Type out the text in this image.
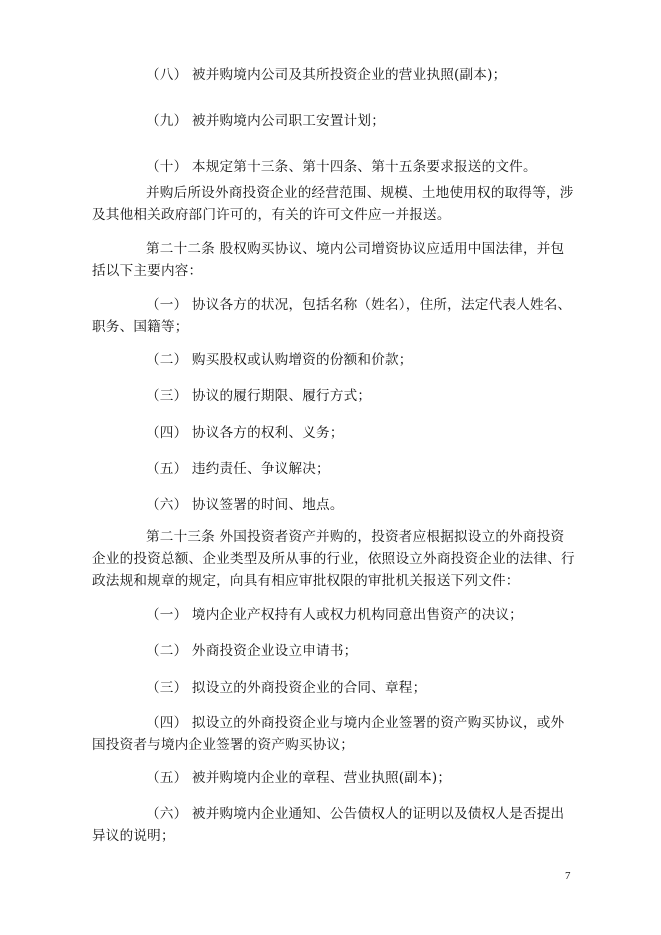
（八） 被并购境内公司及其所投资企业的营业执照(副本)；

（九） 被并购境内公司职工安置计划；

（十） 本规定第十三条、第十四条、第十五条要求报送的文件。

并购后所设外商投资企业的经营范围、规模、土地使用权的取得等，涉及其他相关政府部门许可的，有关的许可文件应一并报送。

第二十二条 股权购买协议、境内公司增资协议应适用中国法律，并包括以下主要内容：

（一） 协议各方的状况，包括名称（姓名），住所，法定代表人姓名、职务、国籍等；

（二） 购买股权或认购增资的份额和价款；

（三） 协议的履行期限、履行方式；

（四） 协议各方的权利、义务；

（五） 违约责任、争议解决；

（六） 协议签署的时间、地点。

第二十三条 外国投资者资产并购的，投资者应根据拟设立的外商投资企业的投资总额、企业类型及所从事的行业，依照设立外商投资企业的法律、行政法规和规章的规定，向具有相应审批权限的审批机关报送下列文件：

（一） 境内企业产权持有人或权力机构同意出售资产的决议；

（二） 外商投资企业设立申请书；

（三） 拟设立的外商投资企业的合同、章程；

（四） 拟设立的外商投资企业与境内企业签署的资产购买协议，或外国投资者与境内企业签署的资产购买协议；

（五） 被并购境内企业的章程、营业执照(副本)；

（六） 被并购境内企业通知、公告债权人的证明以及债权人是否提出异议的说明；

7
